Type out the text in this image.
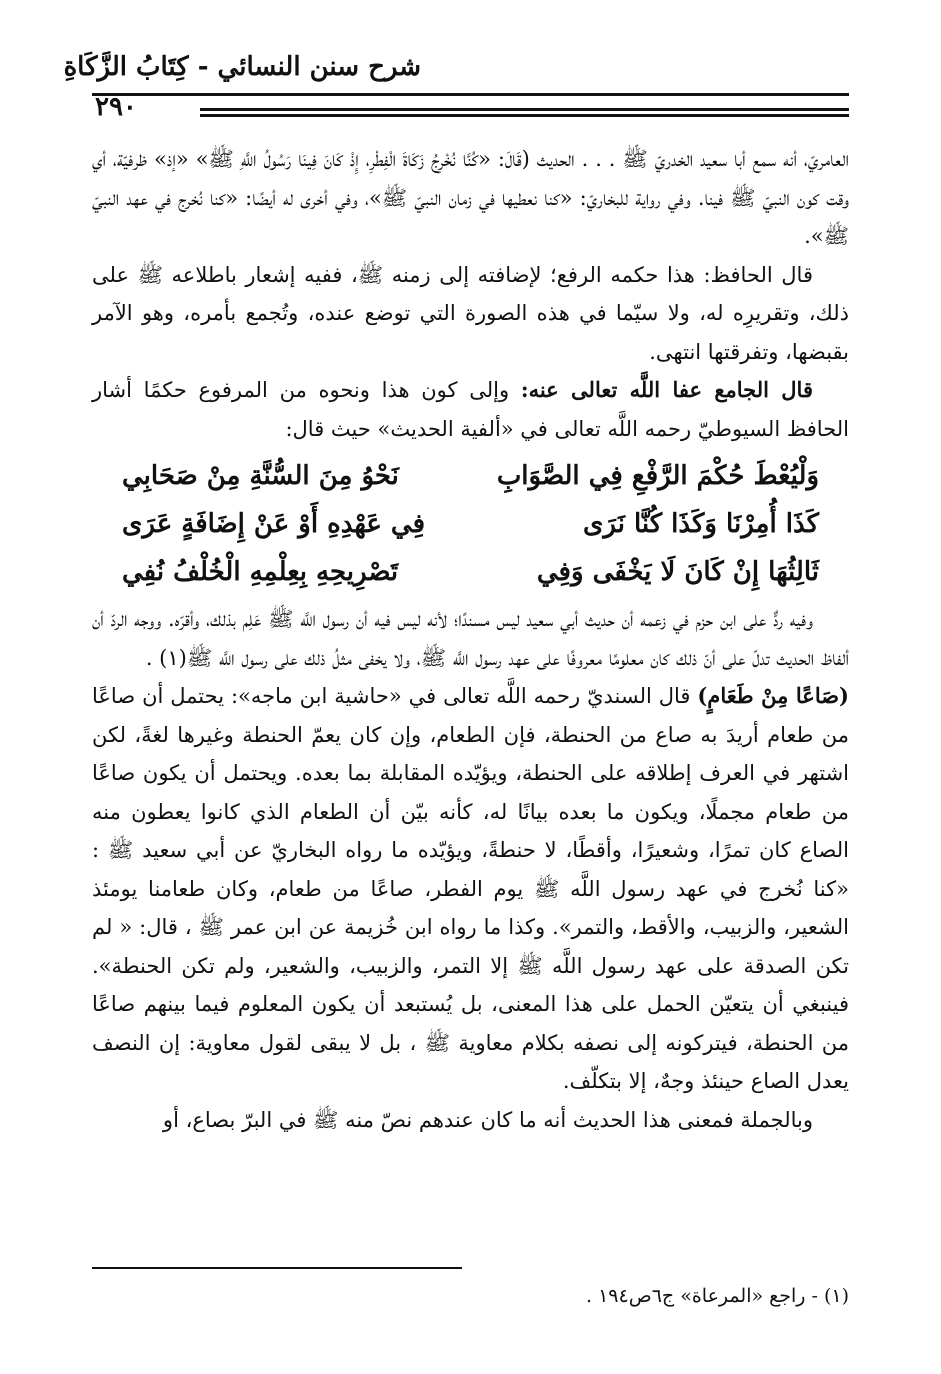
شرح سنن النسائي - كِتَابُ الزَّكَاةِ
٢٩٠

العامريّ، أنه سمع أبا سعيد الخدريّ ﷺ . . . الحديث (قَالَ: «كُنَّا نُخْرِجُ زَكَاةَ الْفِطْرِ، إِذْ كَانَ فِينَا رَسُولُ اللَّهِ ﷺ» «إذ» ظرفيّة، أي وقت كون النبيّ ﷺ فينا. وفي رواية للبخاريّ: «كنا نعطيها في زمان النبيّ ﷺ»، وفي أخرى له أيضًا: «كنا نُخرج في عهد النبيّ ﷺ».

قال الحافظ: هذا حكمه الرفع؛ لإضافته إلى زمنه ﷺ، ففيه إشعار باطلاعه ﷺ على ذلك، وتقريرِه له، ولا سيّما في هذه الصورة التي توضع عنده، وتُجمع بأمره، وهو الآمر بقبضها، وتفرقتها انتهى.

قال الجامع عفا اللَّه تعالى عنه: وإلى كون هذا ونحوه من المرفوع حكمًا أشار الحافظ السيوطيّ رحمه اللَّه تعالى في «ألفية الحديث» حيث قال:

وَلْيُعْطَ حُكْمَ الرَّفْعِ فِي الصَّوَابِ
نَحْوُ مِنَ السُّنَّةِ مِنْ صَحَابِي
كَذَا أُمِرْنَا وَكَذَا كُنَّا نَرَى
فِي عَهْدِهِ أَوْ عَنْ إِضَافَةٍ عَرَى
ثَالِثُهَا إِنْ كَانَ لَا يَخْفَى وَفِي
تَصْرِيحِهِ بِعِلْمِهِ الْخُلْفُ نُفِي

وفيه ردٌّ على ابن حزم في زعمه أن حديث أبي سعيد ليس مسندًا؛ لأنه ليس فيه أن رسول اللَّه ﷺ عَلِم بذلك، وأقرّه. ووجه الردّ أن ألفاظ الحديث تدلّ على أنّ ذلك كان معلومًا معروفًا على عهد رسول اللَّه ﷺ، ولا يخفى مثلُ ذلك على رسول اللَّه ﷺ(١) .

(صَاعًا مِنْ طَعَامٍ) قال السنديّ رحمه اللَّه تعالى في «حاشية ابن ماجه»: يحتمل أن صاعًا من طعام أريدَ به صاع من الحنطة، فإن الطعام، وإن كان يعمّ الحنطة وغيرها لغةً، لكن اشتهر في العرف إطلاقه على الحنطة، ويؤيّده المقابلة بما بعده. ويحتمل أن يكون صاعًا من طعام مجملًا، ويكون ما بعده بيانًا له، كأنه بيّن أن الطعام الذي كانوا يعطون منه الصاع كان تمرًا، وشعيرًا، وأقطًا، لا حنطةً، ويؤيّده ما رواه البخاريّ عن أبي سعيد ﷺ : «كنا نُخرج في عهد رسول اللَّه ﷺ يوم الفطر، صاعًا من طعام، وكان طعامنا يومئذ الشعير، والزبيب، والأقط، والتمر». وكذا ما رواه ابن خُزيمة عن ابن عمر ﷺ ، قال: « لم تكن الصدقة على عهد رسول اللَّه ﷺ إلا التمر، والزبيب، والشعير، ولم تكن الحنطة». فينبغي أن يتعيّن الحمل على هذا المعنى، بل يُستبعد أن يكون المعلوم فيما بينهم صاعًا من الحنطة، فيتركونه إلى نصفه بكلام معاوية ﷺ ، بل لا يبقى لقول معاوية: إن النصف يعدل الصاع حينئذ وجهٌ، إلا بتكلّف.

وبالجملة فمعنى هذا الحديث أنه ما كان عندهم نصّ منه ﷺ في البرّ بصاع، أو

(١) - راجع «المرعاة» ج٦ص١٩٤ .
